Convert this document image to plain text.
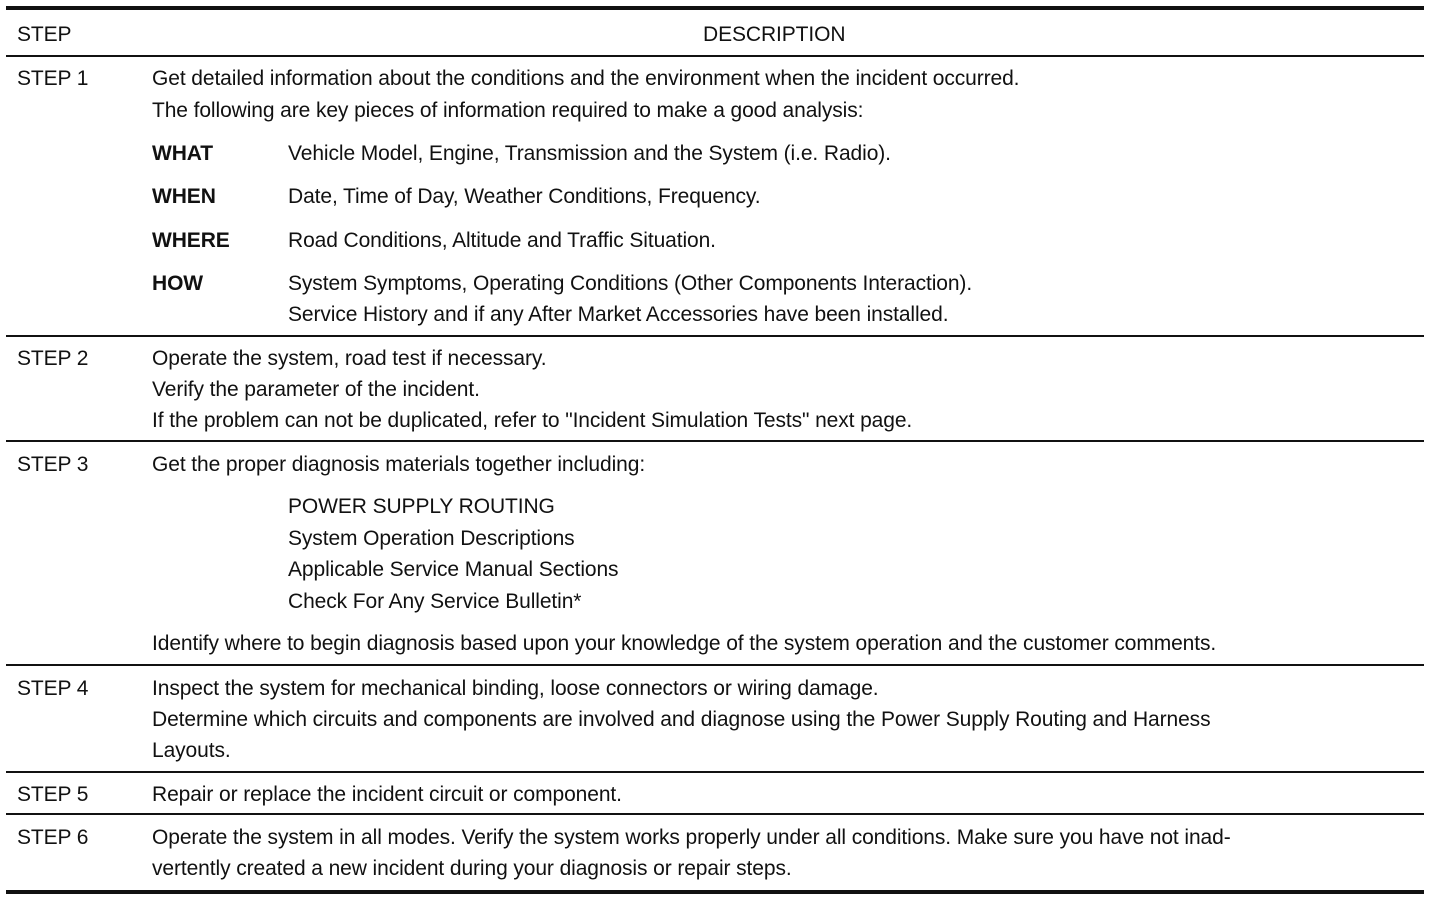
STEP	DESCRIPTION
STEP 1	Get detailed information about the conditions and the environment when the incident occurred.
The following are key pieces of information required to make a good analysis:
WHAT	Vehicle Model, Engine, Transmission and the System (i.e. Radio).
WHEN	Date, Time of Day, Weather Conditions, Frequency.
WHERE	Road Conditions, Altitude and Traffic Situation.
HOW	System Symptoms, Operating Conditions (Other Components Interaction).
Service History and if any After Market Accessories have been installed.
STEP 2	Operate the system, road test if necessary.
Verify the parameter of the incident.
If the problem can not be duplicated, refer to "Incident Simulation Tests" next page.
STEP 3	Get the proper diagnosis materials together including:
POWER SUPPLY ROUTING
System Operation Descriptions
Applicable Service Manual Sections
Check For Any Service Bulletin*
Identify where to begin diagnosis based upon your knowledge of the system operation and the customer comments.
STEP 4	Inspect the system for mechanical binding, loose connectors or wiring damage.
Determine which circuits and components are involved and diagnose using the Power Supply Routing and Harness
Layouts.
STEP 5	Repair or replace the incident circuit or component.
STEP 6	Operate the system in all modes. Verify the system works properly under all conditions. Make sure you have not inad-
vertently created a new incident during your diagnosis or repair steps.
